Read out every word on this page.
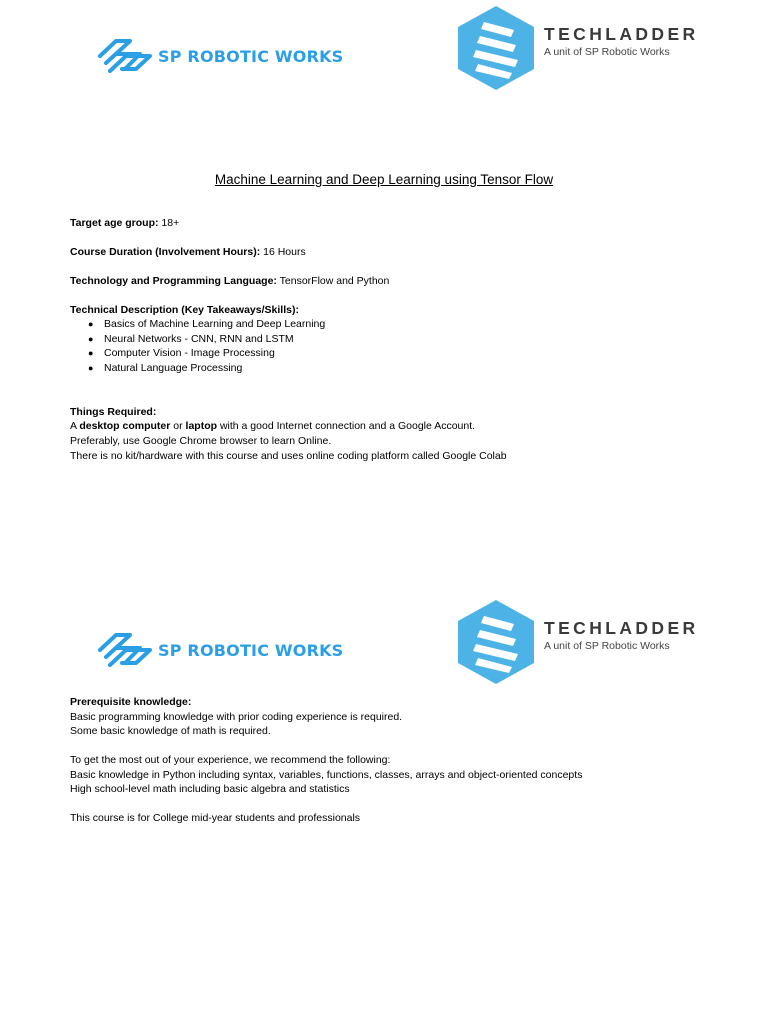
SP ROBOTIC WORKS
TECHLADDER
A unit of SP Robotic Works
Machine Learning and Deep Learning using Tensor Flow
Target age group: 18+
Course Duration (Involvement Hours): 16 Hours
Technology and Programming Language: TensorFlow and Python
Technical Description (Key Takeaways/Skills):
● Basics of Machine Learning and Deep Learning
● Neural Networks - CNN, RNN and LSTM
● Computer Vision - Image Processing
● Natural Language Processing
Things Required:
A desktop computer or laptop with a good Internet connection and a Google Account.
Preferably, use Google Chrome browser to learn Online.
There is no kit/hardware with this course and uses online coding platform called Google Colab
SP ROBOTIC WORKS
TECHLADDER
A unit of SP Robotic Works
Prerequisite knowledge:
Basic programming knowledge with prior coding experience is required.
Some basic knowledge of math is required.
To get the most out of your experience, we recommend the following:
Basic knowledge in Python including syntax, variables, functions, classes, arrays and object-oriented concepts
High school-level math including basic algebra and statistics
This course is for College mid-year students and professionals
